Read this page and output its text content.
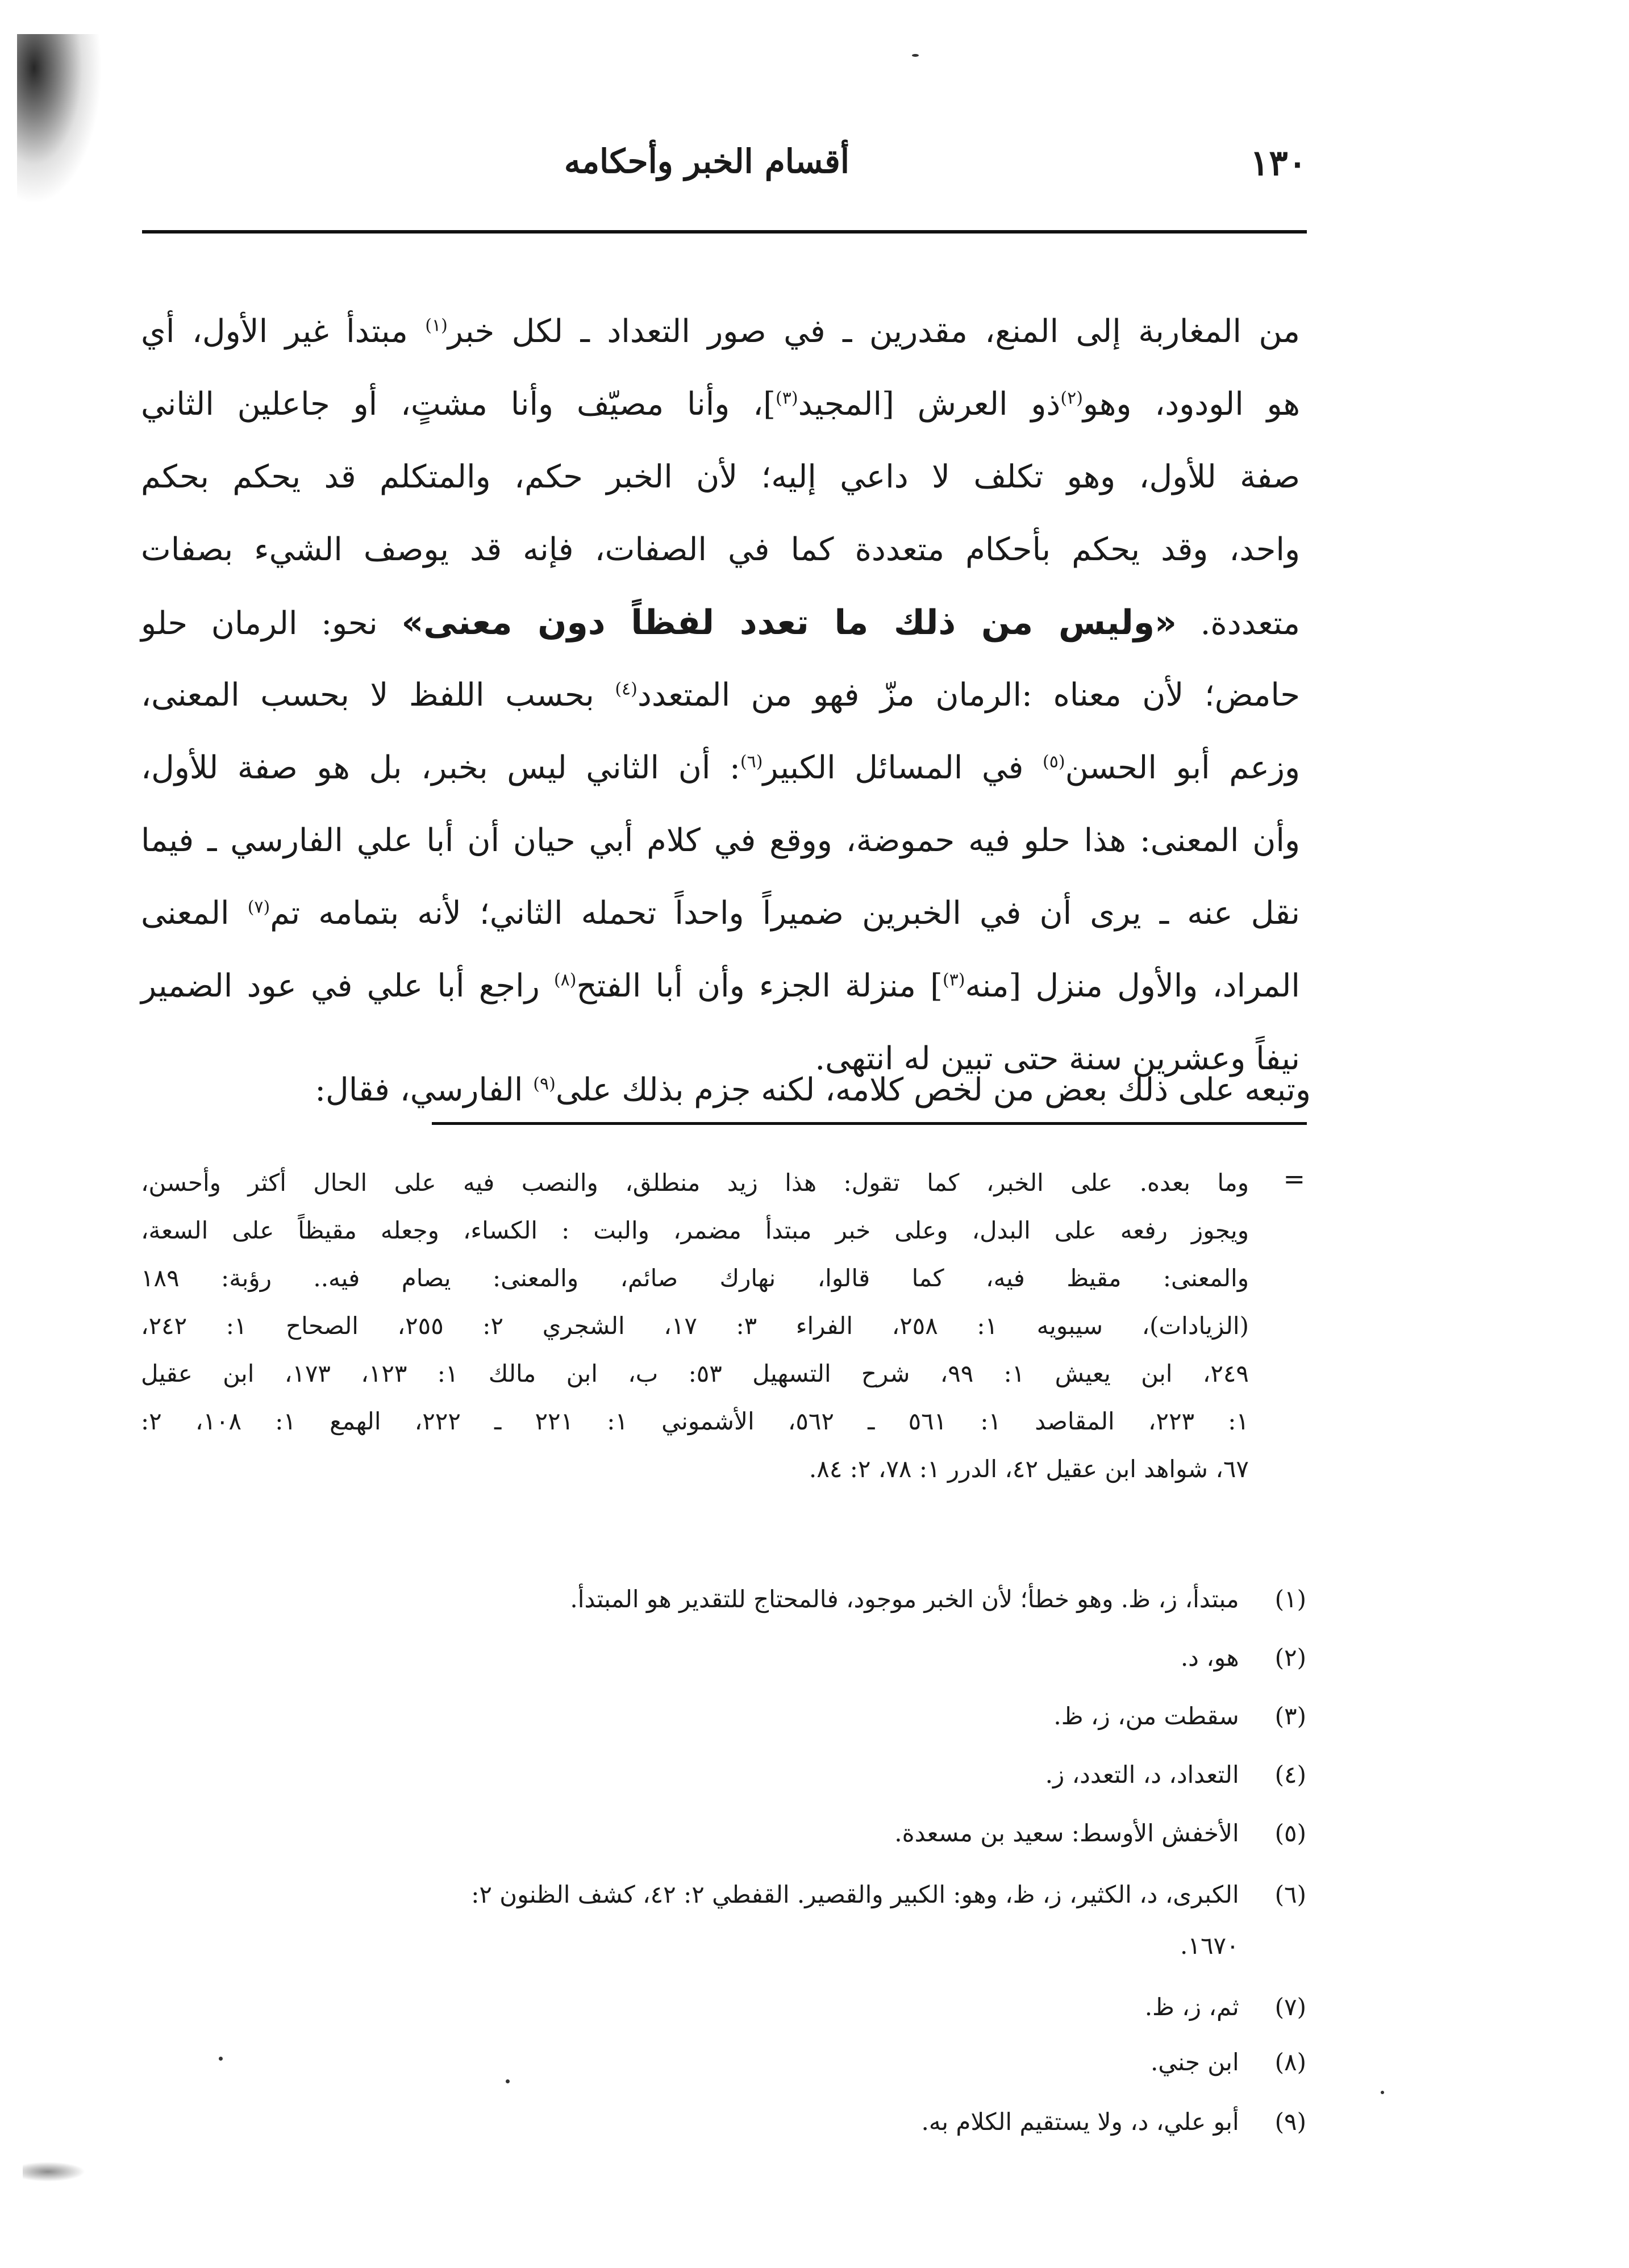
١٣٠
أقسام الخبر وأحكامه
من المغاربة إلى المنع، مقدرين ـ في صور التعداد ـ لكل خبر$^{(١)}$ مبتدأ غير الأول، أي
هو الودود، وهو$^{(٢)}$ذو العرش [المجيد$^{(٣)}$]، وأنا مصيّف وأنا مشتٍ، أو جاعلين الثاني
صفة للأول، وهو تكلف لا داعي إليه؛ لأن الخبر حكم، والمتكلم قد يحكم بحكم
واحد، وقد يحكم بأحكام متعددة كما في الصفات، فإنه قد يوصف الشيء بصفات
متعددة. «وليس من ذلك ما تعدد لفظاً دون معنى» نحو: الرمان حلو
حامض؛ لأن معناه :الرمان مزّ فهو من المتعدد$^{(٤)}$ بحسب اللفظ لا بحسب المعنى،
وزعم أبو الحسن$^{(٥)}$ في المسائل الكبير$^{(٦)}$: أن الثاني ليس بخبر، بل هو صفة للأول،
وأن المعنى: هذا حلو فيه حموضة، ووقع في كلام أبي حيان أن أبا علي الفارسي ـ فيما
نقل عنه ـ يرى أن في الخبرين ضميراً واحداً تحمله الثاني؛ لأنه بتمامه تم$^{(٧)}$ المعنى
المراد، والأول منزل [منه$^{(٣)}$] منزلة الجزء وأن أبا الفتح$^{(٨)}$ راجع أبا علي في عود الضمير
نيفاً وعشرين سنة حتى تبين له انتهى.
وتبعه على ذلك بعض من لخص كلامه، لكنه جزم بذلك على$^{(٩)}$ الفارسي، فقال:
=
وما بعده. على الخبر، كما تقول: هذا زيد منطلق، والنصب فيه على الحال أكثر وأحسن،
ويجوز رفعه على البدل، وعلى خبر مبتدأ مضمر، والبت : الكساء، وجعله مقيظاً على السعة،
والمعنى: مقيظ فيه، كما قالوا، نهارك صائم، والمعنى: يصام فيه.. رؤبة: ١٨٩
(الزيادات)، سيبويه ١: ٢٥٨، الفراء ٣: ١٧، الشجري ٢: ٢٥٥، الصحاح ١: ٢٤٢،
٢٤٩، ابن يعيش ١: ٩٩، شرح التسهيل ٥٣: ب، ابن مالك ١: ١٢٣، ١٧٣، ابن عقيل
١: ٢٢٣، المقاصد ١: ٥٦١ ـ ٥٦٢، الأشموني ١: ٢٢١ ـ ٢٢٢، الهمع ١: ١٠٨، ٢:
٦٧، شواهد ابن عقيل ٤٢، الدرر ١: ٧٨، ٢: ٨٤.
(١) مبتدأ، ز، ظ. وهو خطأ؛ لأن الخبر موجود، فالمحتاج للتقدير هو المبتدأ.
(٢) هو، د.
(٣) سقطت من، ز، ظ.
(٤) التعداد، د، التعدد، ز.
(٥) الأخفش الأوسط: سعيد بن مسعدة.
(٦) الكبرى، د، الكثير، ز، ظ، وهو: الكبير والقصير. القفطي ٢: ٤٢، كشف الظنون ٢:
١٦٧٠.
(٧) ثم، ز، ظ.
(٨) ابن جني.
(٩) أبو علي، د، ولا يستقيم الكلام به.
